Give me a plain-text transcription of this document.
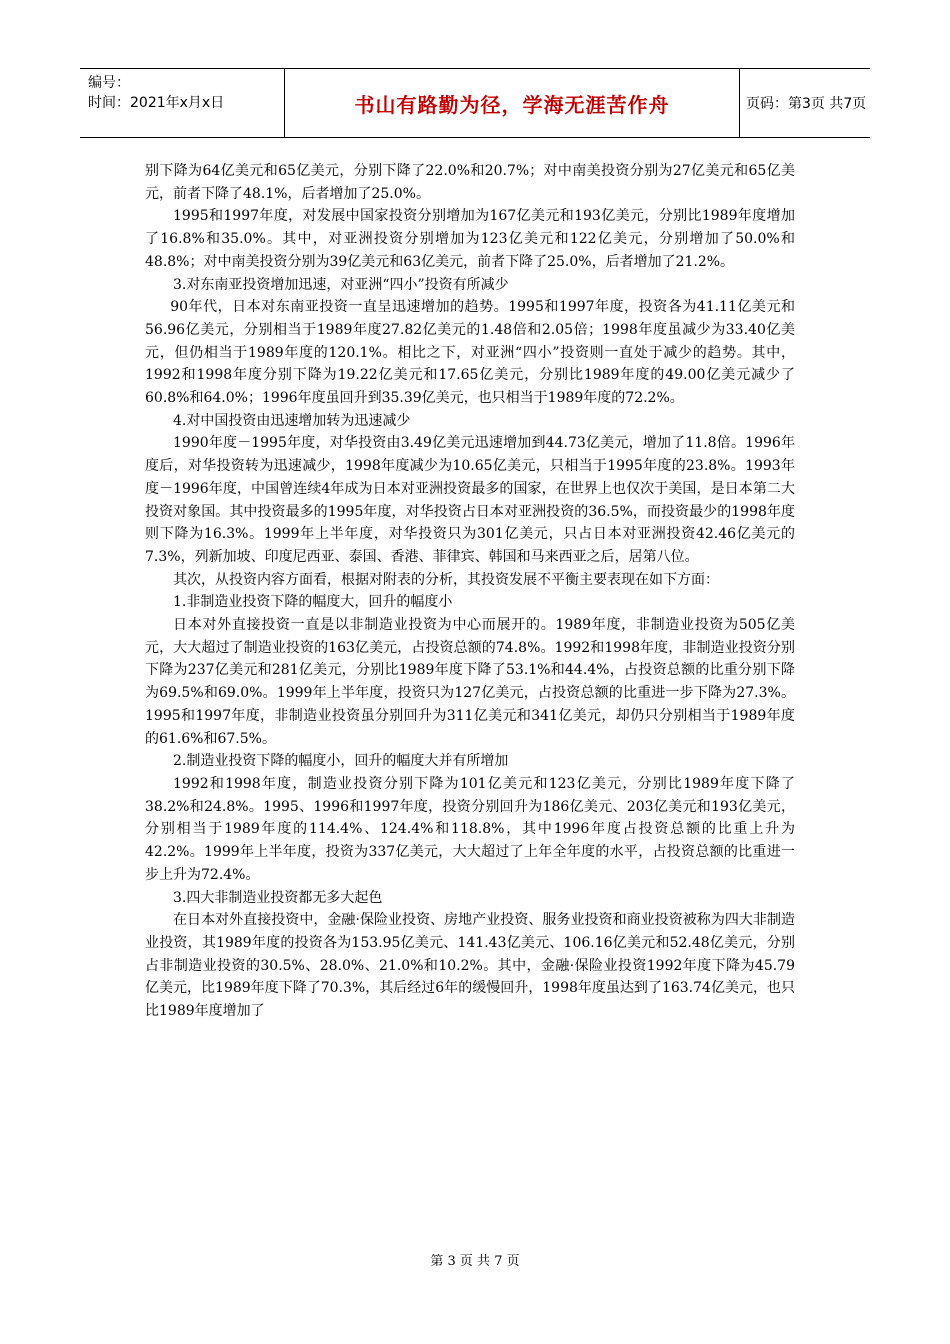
编号：
时间：2021年x月x日	书山有路勤为径，学海无涯苦作舟	页码：第3页 共7页

别下降为64亿美元和65亿美元，分别下降了22.0%和20.7%；对中南美投资分别为27亿美元和65亿美元，前者下降了48.1%，后者增加了25.0%。

1995和1997年度，对发展中国家投资分别增加为167亿美元和193亿美元，分别比1989年度增加了16.8%和35.0%。其中，对亚洲投资分别增加为123亿美元和122亿美元，分别增加了50.0%和48.8%；对中南美投资分别为39亿美元和63亿美元，前者下降了25.0%，后者增加了21.2%。

3.对东南亚投资增加迅速，对亚洲“四小”投资有所减少

90年代，日本对东南亚投资一直呈迅速增加的趋势。1995和1997年度，投资各为41.11亿美元和56.96亿美元，分别相当于1989年度27.82亿美元的1.48倍和2.05倍；1998年度虽减少为33.40亿美元，但仍相当于1989年度的120.1%。相比之下，对亚洲“四小”投资则一直处于减少的趋势。其中，1992和1998年度分别下降为19.22亿美元和17.65亿美元，分别比1989年度的49.00亿美元减少了60.8%和64.0%；1996年度虽回升到35.39亿美元，也只相当于1989年度的72.2%。

4.对中国投资由迅速增加转为迅速减少

1990年度－1995年度，对华投资由3.49亿美元迅速增加到44.73亿美元，增加了11.8倍。1996年度后，对华投资转为迅速减少，1998年度减少为10.65亿美元，只相当于1995年度的23.8%。1993年度－1996年度，中国曾连续4年成为日本对亚洲投资最多的国家，在世界上也仅次于美国，是日本第二大投资对象国。其中投资最多的1995年度，对华投资占日本对亚洲投资的36.5%，而投资最少的1998年度则下降为16.3%。1999年上半年度，对华投资只为301亿美元，只占日本对亚洲投资42.46亿美元的7.3%，列新加坡、印度尼西亚、泰国、香港、菲律宾、韩国和马来西亚之后，居第八位。

其次，从投资内容方面看，根据对附表的分析，其投资发展不平衡主要表现在如下方面：

1.非制造业投资下降的幅度大，回升的幅度小

日本对外直接投资一直是以非制造业投资为中心而展开的。1989年度，非制造业投资为505亿美元，大大超过了制造业投资的163亿美元，占投资总额的74.8%。1992和1998年度，非制造业投资分别下降为237亿美元和281亿美元，分别比1989年度下降了53.1%和44.4%，占投资总额的比重分别下降为69.5%和69.0%。1999年上半年度，投资只为127亿美元，占投资总额的比重进一步下降为27.3%。1995和1997年度，非制造业投资虽分别回升为311亿美元和341亿美元，却仍只分别相当于1989年度的61.6%和67.5%。

2.制造业投资下降的幅度小，回升的幅度大并有所增加

1992和1998年度，制造业投资分别下降为101亿美元和123亿美元，分别比1989年度下降了38.2%和24.8%。1995、1996和1997年度，投资分别回升为186亿美元、203亿美元和193亿美元，分别相当于1989年度的114.4%、124.4%和118.8%，其中1996年度占投资总额的比重上升为42.2%。1999年上半年度，投资为337亿美元，大大超过了上年全年度的水平，占投资总额的比重进一步上升为72.4%。

3.四大非制造业投资都无多大起色

在日本对外直接投资中，金融·保险业投资、房地产业投资、服务业投资和商业投资被称为四大非制造业投资，其1989年度的投资各为153.95亿美元、141.43亿美元、106.16亿美元和52.48亿美元，分别占非制造业投资的30.5%、28.0%、21.0%和10.2%。其中，金融·保险业投资1992年度下降为45.79亿美元，比1989年度下降了70.3%，其后经过6年的缓慢回升，1998年度虽达到了163.74亿美元，也只比1989年度增加了

第 3 页 共 7 页
